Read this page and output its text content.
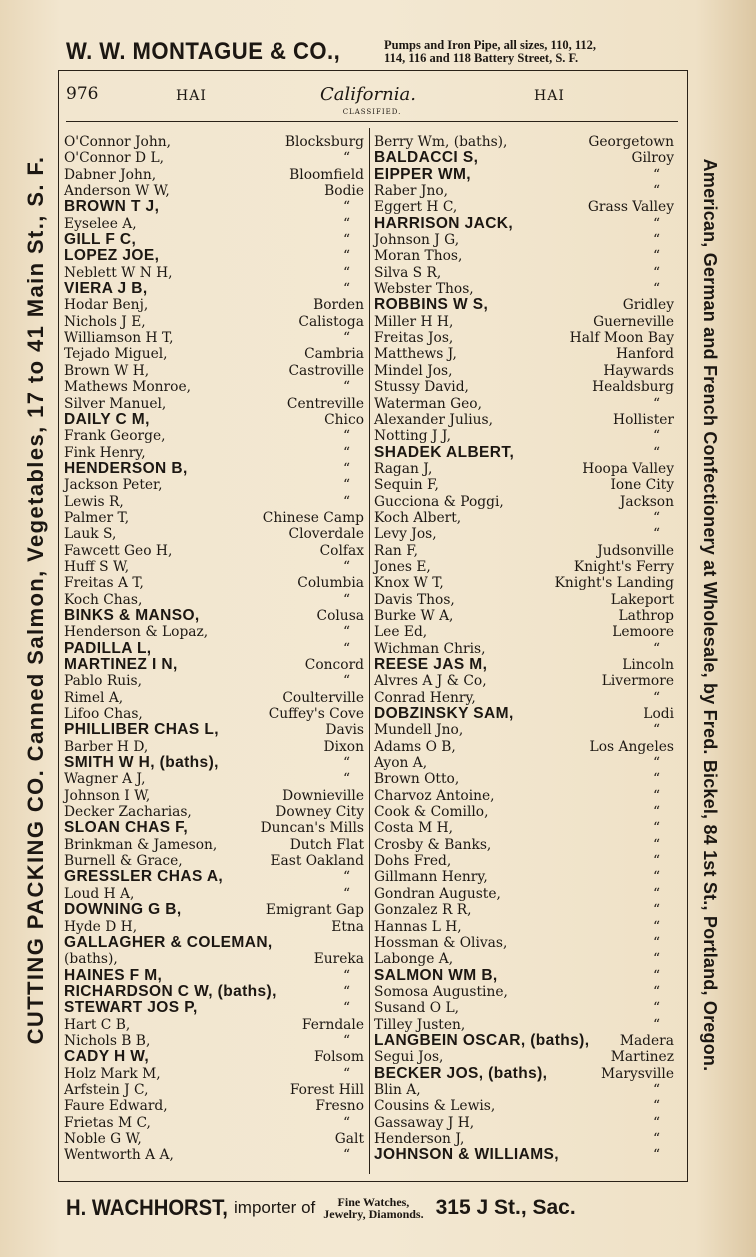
W. W. MONTAGUE & CO.,	Pumps and Iron Pipe, all sizes, 110, 112,
114, 116 and 118 Battery Street, S. F.
CUTTING PACKING CO. Canned Salmon, Vegetables, 17 to 41 Main St., S. F.	American, German and French Confectionery at Wholesale, by Fred. Bickel, 84 1st St., Portland, Oregon.
976	HAI	California.	HAI
CLASSIFIED.
O'Connor John,	Blocksburg
O'Connor D L,	“
Dabner John,	Bloomfield
Anderson W W,	Bodie
BROWN T J,	“
Eyselee A,	“
GILL F C,	“
LOPEZ JOE,	“
Neblett W N H,	“
VIERA J B,	“
Hodar Benj,	Borden
Nichols J E,	Calistoga
Williamson H T,	“
Tejado Miguel,	Cambria
Brown W H,	Castroville
Mathews Monroe,	“
Silver Manuel,	Centreville
DAILY C M,	Chico
Frank George,	“
Fink Henry,	“
HENDERSON B,	“
Jackson Peter,	“
Lewis R,	“
Palmer T,	Chinese Camp
Lauk S,	Cloverdale
Fawcett Geo H,	Colfax
Huff S W,	“
Freitas A T,	Columbia
Koch Chas,	“
BINKS & MANSO,	Colusa
Henderson & Lopaz,	“
PADILLA L,	“
MARTINEZ I N,	Concord
Pablo Ruis,	“
Rimel A,	Coulterville
Lifoo Chas,	Cuffey's Cove
PHILLIBER CHAS L,	Davis
Barber H D,	Dixon
SMITH W H, (baths),	“
Wagner A J,	“
Johnson I W,	Downieville
Decker Zacharias,	Downey City
SLOAN CHAS F,	Duncan's Mills
Brinkman & Jameson,	Dutch Flat
Burnell & Grace,	East Oakland
GRESSLER CHAS A,	“
Loud H A,	“
DOWNING G B,	Emigrant Gap
Hyde D H,	Etna
GALLAGHER & COLEMAN,
(baths),	Eureka
HAINES F M,	“
RICHARDSON C W, (baths),	“
STEWART JOS P,	“
Hart C B,	Ferndale
Nichols B B,	“
CADY H W,	Folsom
Holz Mark M,	“
Arfstein J C,	Forest Hill
Faure Edward,	Fresno
Frietas M C,	“
Noble G W,	Galt
Wentworth A A,	“
Berry Wm, (baths),	Georgetown
BALDACCI S,	Gilroy
EIPPER WM,	“
Raber Jno,	“
Eggert H C,	Grass Valley
HARRISON JACK,	“
Johnson J G,	“
Moran Thos,	“
Silva S R,	“
Webster Thos,	“
ROBBINS W S,	Gridley
Miller H H,	Guerneville
Freitas Jos,	Half Moon Bay
Matthews J,	Hanford
Mindel Jos,	Haywards
Stussy David,	Healdsburg
Waterman Geo,	“
Alexander Julius,	Hollister
Notting J J,	“
SHADEK ALBERT,	“
Ragan J,	Hoopa Valley
Sequin F,	Ione City
Gucciona & Poggi,	Jackson
Koch Albert,	“
Levy Jos,	“
Ran F,	Judsonville
Jones E,	Knight's Ferry
Knox W T,	Knight's Landing
Davis Thos,	Lakeport
Burke W A,	Lathrop
Lee Ed,	Lemoore
Wichman Chris,	“
REESE JAS M,	Lincoln
Alvres A J & Co,	Livermore
Conrad Henry,	“
DOBZINSKY SAM,	Lodi
Mundell Jno,	“
Adams O B,	Los Angeles
Ayon A,	“
Brown Otto,	“
Charvoz Antoine,	“
Cook & Comillo,	“
Costa M H,	“
Crosby & Banks,	“
Dohs Fred,	“
Gillmann Henry,	“
Gondran Auguste,	“
Gonzalez R R,	“
Hannas L H,	“
Hossman & Olivas,	“
Labonge A,	“
SALMON WM B,	“
Somosa Augustine,	“
Susand O L,	“
Tilley Justen,	“
LANGBEIN OSCAR, (baths), Madera
Segui Jos,	Martinez
BECKER JOS, (baths),	Marysville
Blin A,	“
Cousins & Lewis,	“
Gassaway J H,	“
Henderson J,	“
JOHNSON & WILLIAMS,	“
H. WACHHORST, importer of	Fine Watches,
Jewelry, Diamonds. 315 J St., Sac.
